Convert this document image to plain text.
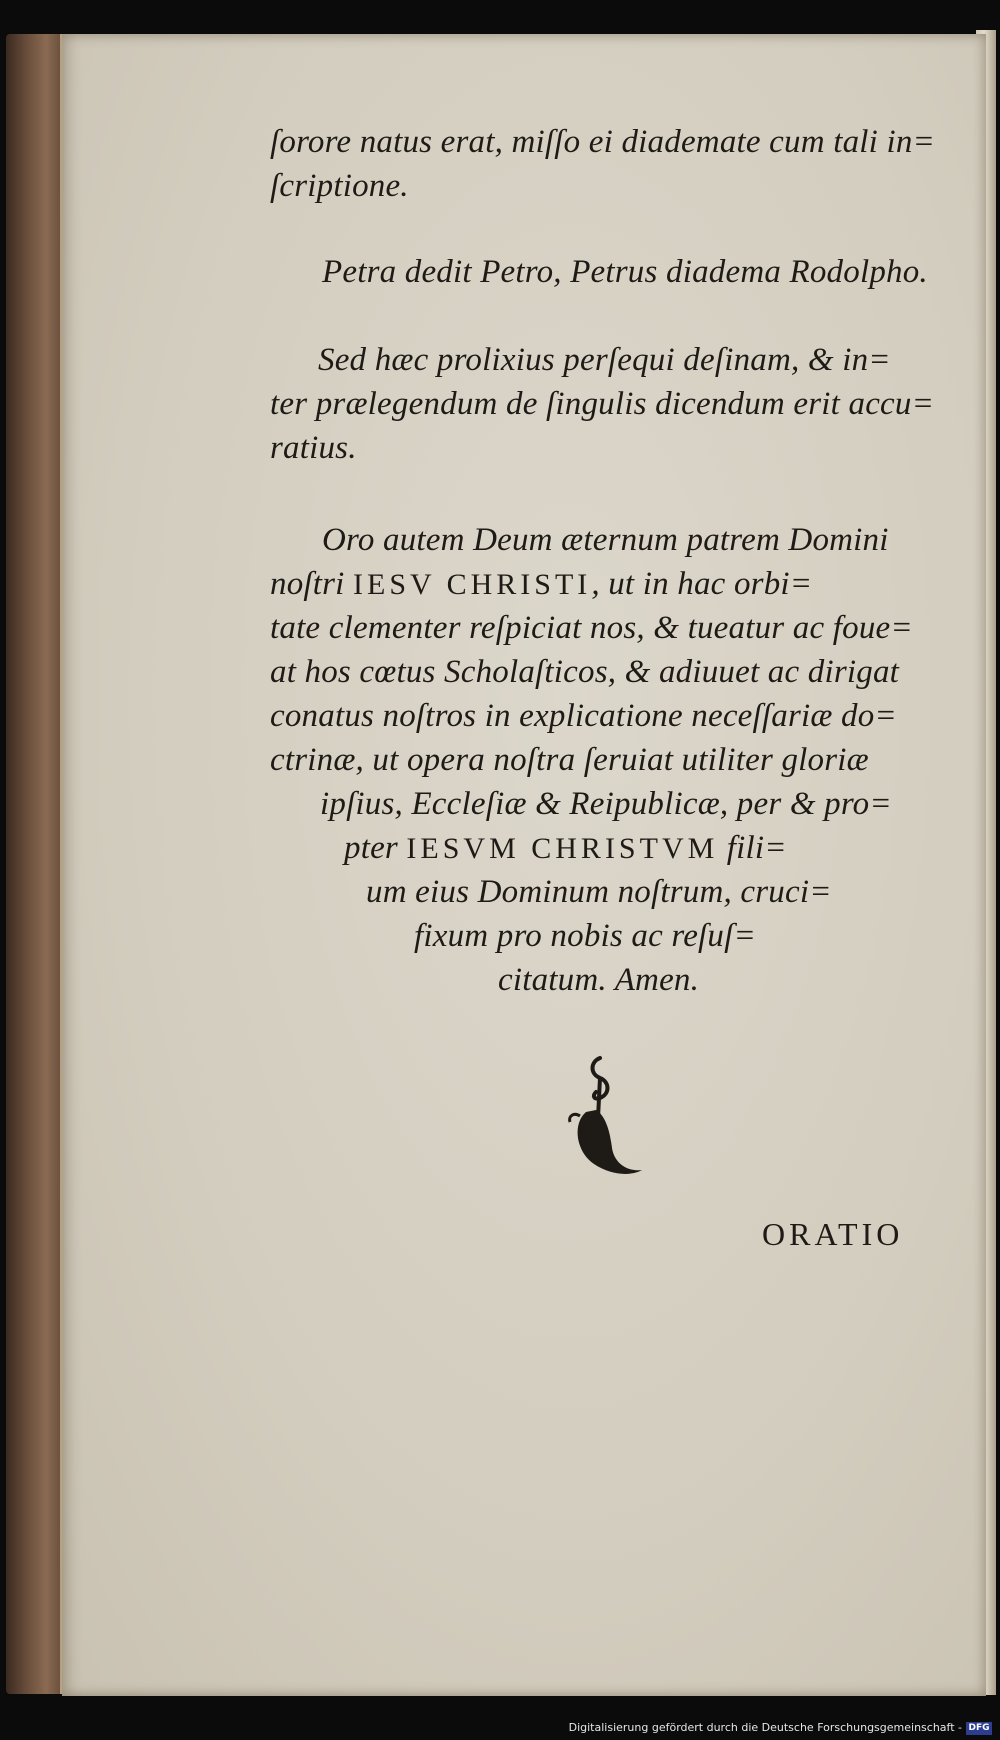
ſorore natus erat, miſſo ei diademate cum tali in=
ſcriptione.
Petra dedit Petro, Petrus diadema Rodolpho.
Sed hæc prolixius perſequi deſinam, & in=
ter prælegendum de ſingulis dicendum erit accu=
ratius.
Oro autem Deum æternum patrem Domini
noſtri IESV CHRISTI, ut in hac orbi=
tate clementer reſpiciat nos, & tueatur ac foue=
at hos cœtus Scholaſticos, & adiuuet ac dirigat
conatus noſtros in explicatione neceſſariæ do=
ctrinæ, ut opera noſtra ſeruiat utiliter gloriæ
ipſius, Eccleſiæ & Reipublicæ, per & pro=
pter IESVM CHRISTVM fili=
um eius Dominum noſtrum, cruci=
fixum pro nobis ac reſuſ=
citatum. Amen.
ORATIO
Digitalisierung gefördert durch die Deutsche Forschungsgemeinschaft - DFG
